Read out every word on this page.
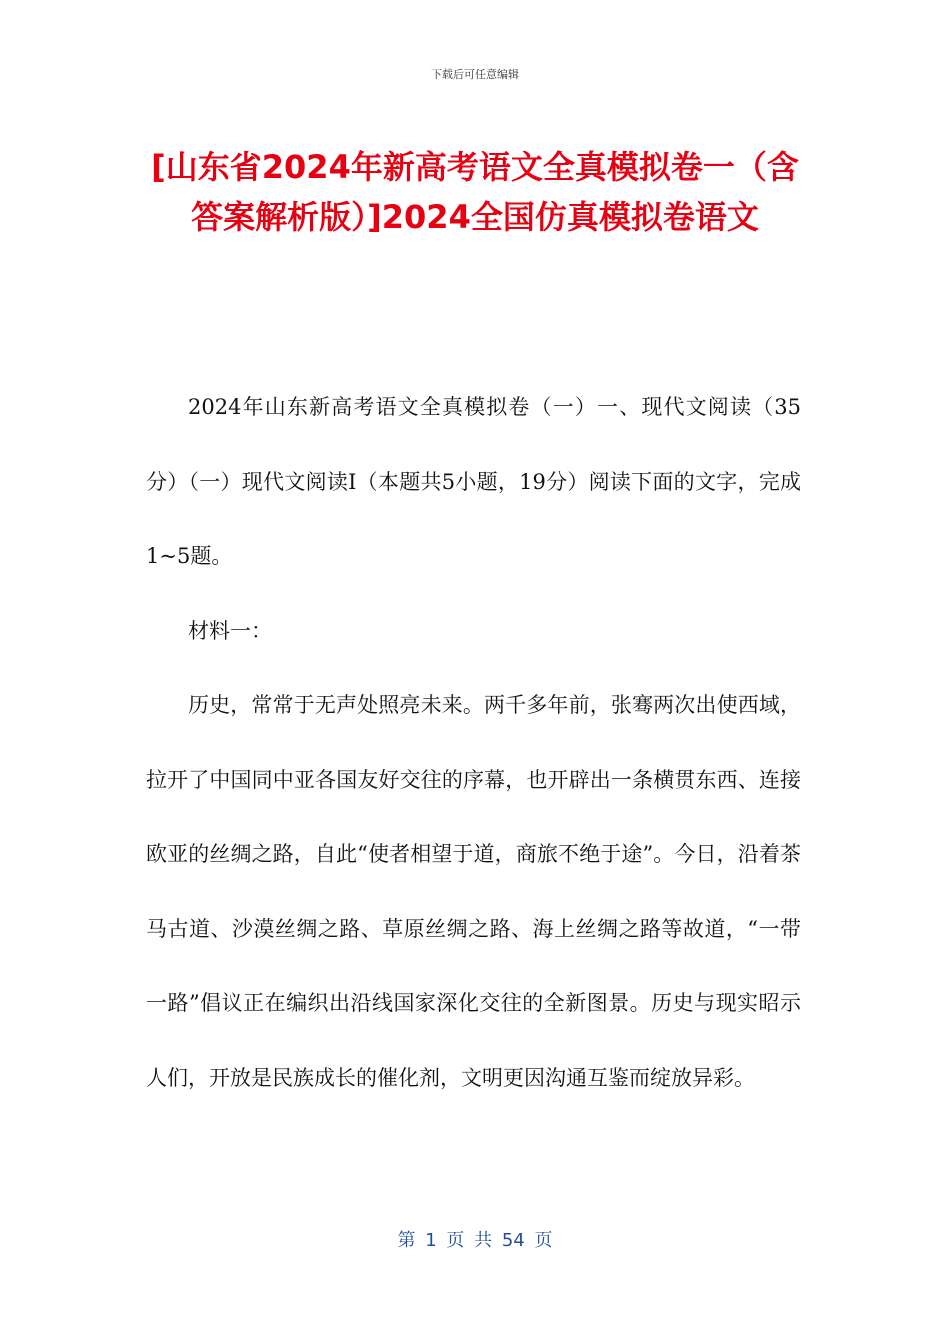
下载后可任意编辑
[山东省2024年新高考语文全真模拟卷一（含答案解析版）]2024全国仿真模拟卷语文

2024年山东新高考语文全真模拟卷（一）一、现代文阅读（35分）（一）现代文阅读Ⅰ（本题共5小题，19分）阅读下面的文字，完成1~5题。

材料一：

历史，常常于无声处照亮未来。两千多年前，张骞两次出使西域，拉开了中国同中亚各国友好交往的序幕，也开辟出一条横贯东西、连接欧亚的丝绸之路，自此“使者相望于道，商旅不绝于途”。今日，沿着茶马古道、沙漠丝绸之路、草原丝绸之路、海上丝绸之路等故道，“一带一路”倡议正在编织出沿线国家深化交往的全新图景。历史与现实昭示人们，开放是民族成长的催化剂，文明更因沟通互鉴而绽放异彩。

第 1 页 共 54 页
